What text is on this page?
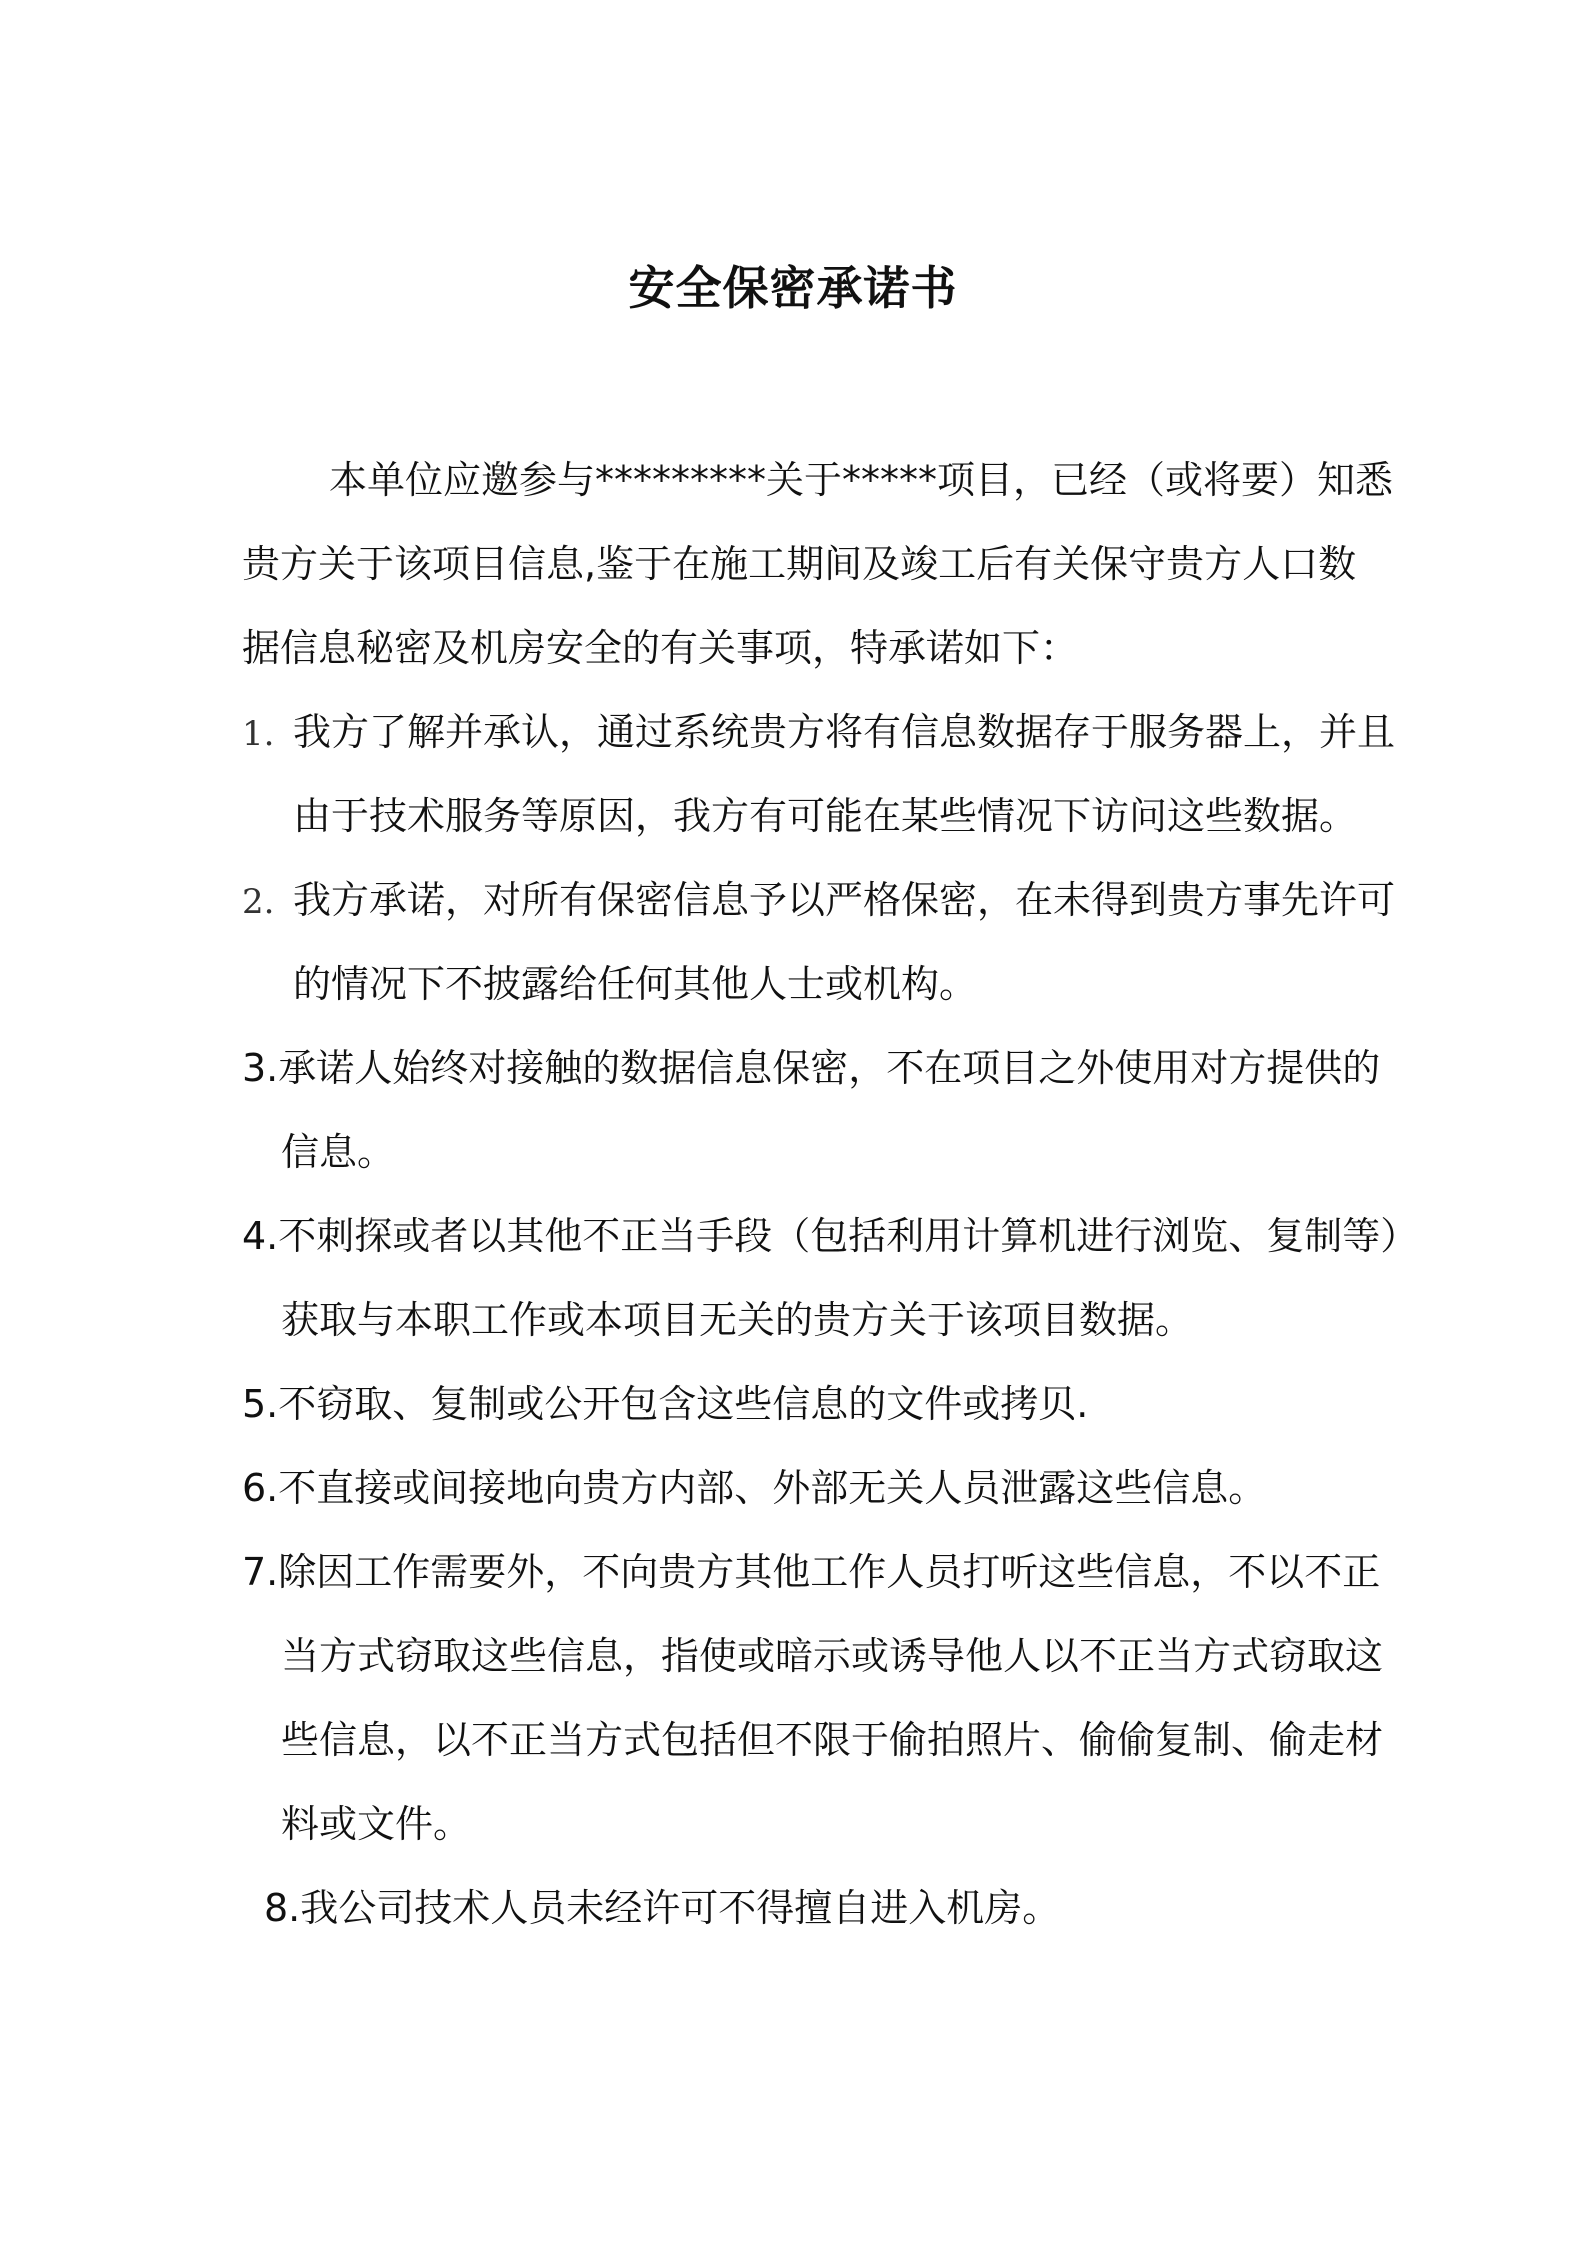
安全保密承诺书
本单位应邀参与*********关于*****项目，已经（或将要）知悉
贵方关于该项目信息,鉴于在施工期间及竣工后有关保守贵方人口数
据信息秘密及机房安全的有关事项，特承诺如下：
1. 我方了解并承认，通过系统贵方将有信息数据存于服务器上，并且
由于技术服务等原因，我方有可能在某些情况下访问这些数据。
2. 我方承诺，对所有保密信息予以严格保密，在未得到贵方事先许可
的情况下不披露给任何其他人士或机构。
3.承诺人始终对接触的数据信息保密，不在项目之外使用对方提供的
信息。
4.不刺探或者以其他不正当手段（包括利用计算机进行浏览、复制等）
获取与本职工作或本项目无关的贵方关于该项目数据。
5.不窃取、复制或公开包含这些信息的文件或拷贝.
6.不直接或间接地向贵方内部、外部无关人员泄露这些信息。
7.除因工作需要外，不向贵方其他工作人员打听这些信息，不以不正
当方式窃取这些信息，指使或暗示或诱导他人以不正当方式窃取这
些信息，以不正当方式包括但不限于偷拍照片、偷偷复制、偷走材
料或文件。
8.我公司技术人员未经许可不得擅自进入机房。
